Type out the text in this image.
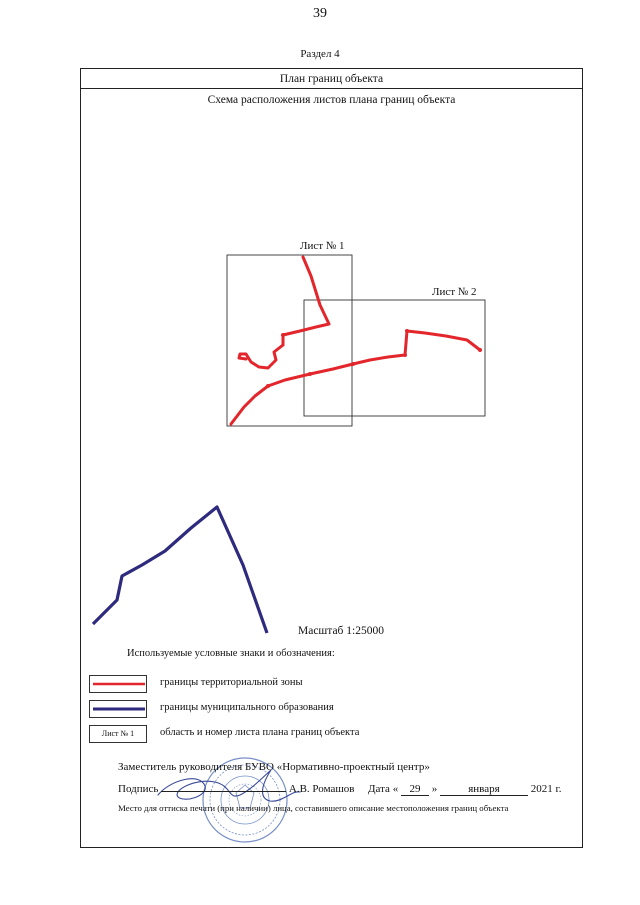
39
Раздел 4
План границ объекта
Схема расположения листов плана границ объекта
Лист № 1
Лист № 2
Масштаб 1:25000
Используемые условные знаки и обозначения:
границы территориальной зоны
границы муниципального образования
Лист № 1	область и номер листа плана границ объекта
Заместитель руководителя БУВО «Нормативно-проектный центр»
Подпись	А.В. Ромашов Дата « 29 »	января	2021 г.
Место для оттиска печати (при наличии) лица, составившего описание местоположения границ объекта
